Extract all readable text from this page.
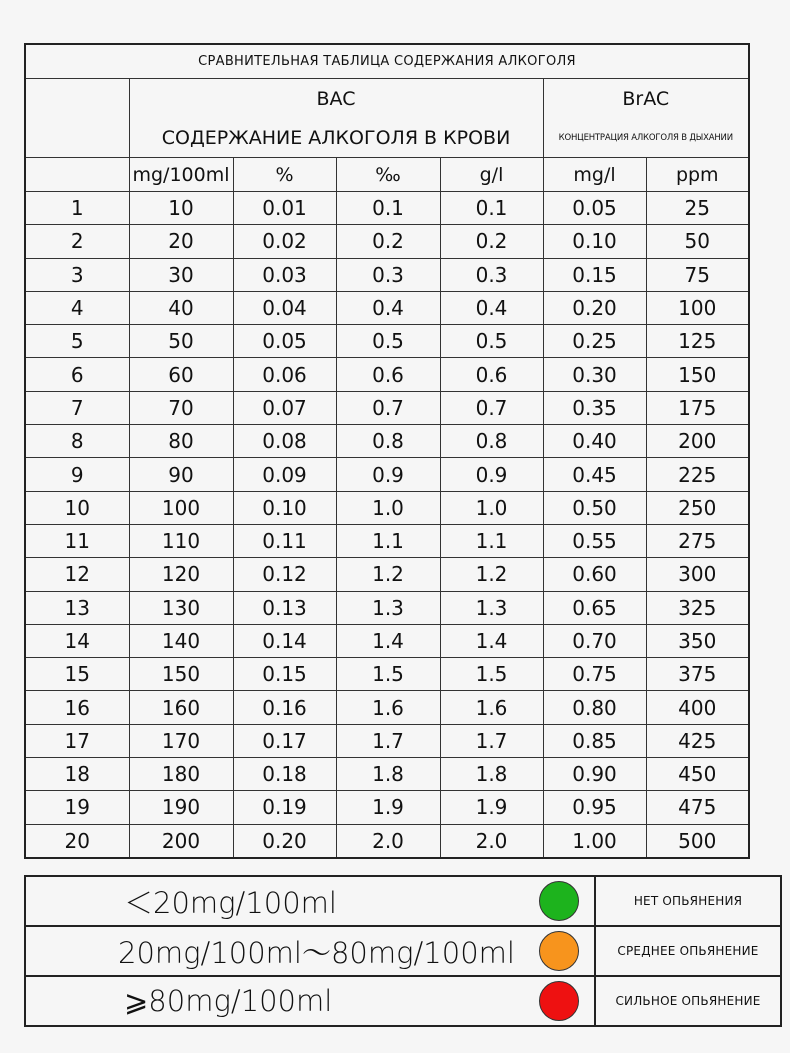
СРАВНИТЕЛЬНАЯ ТАБЛИЦА СОДЕРЖАНИЯ АЛКОГОЛЯ						
	BAC				BrAC	
	СОДЕРЖАНИЕ АЛКОГОЛЯ В КРОВИ				КОНЦЕНТРАЦИЯ АЛКОГОЛЯ В ДЫХАНИИ	
	mg/100ml	%	‰	g/l	mg/l	ppm
1	10	0.01	0.1	0.1	0.05	25
2	20	0.02	0.2	0.2	0.10	50
3	30	0.03	0.3	0.3	0.15	75
4	40	0.04	0.4	0.4	0.20	100
5	50	0.05	0.5	0.5	0.25	125
6	60	0.06	0.6	0.6	0.30	150
7	70	0.07	0.7	0.7	0.35	175
8	80	0.08	0.8	0.8	0.40	200
9	90	0.09	0.9	0.9	0.45	225
10	100	0.10	1.0	1.0	0.50	250
11	110	0.11	1.1	1.1	0.55	275
12	120	0.12	1.2	1.2	0.60	300
13	130	0.13	1.3	1.3	0.65	325
14	140	0.14	1.4	1.4	0.70	350
15	150	0.15	1.5	1.5	0.75	375
16	160	0.16	1.6	1.6	0.80	400
17	170	0.17	1.7	1.7	0.85	425
18	180	0.18	1.8	1.8	0.90	450
19	190	0.19	1.9	1.9	0.95	475
20	200	0.20	2.0	2.0	1.00	500
＜20mg/100ml		НЕТ ОПЬЯНЕНИЯ
20mg/100ml～80mg/100ml		СРЕДНЕЕ ОПЬЯНЕНИЕ
⩾80mg/100ml		СИЛЬНОЕ ОПЬЯНЕНИЕ
